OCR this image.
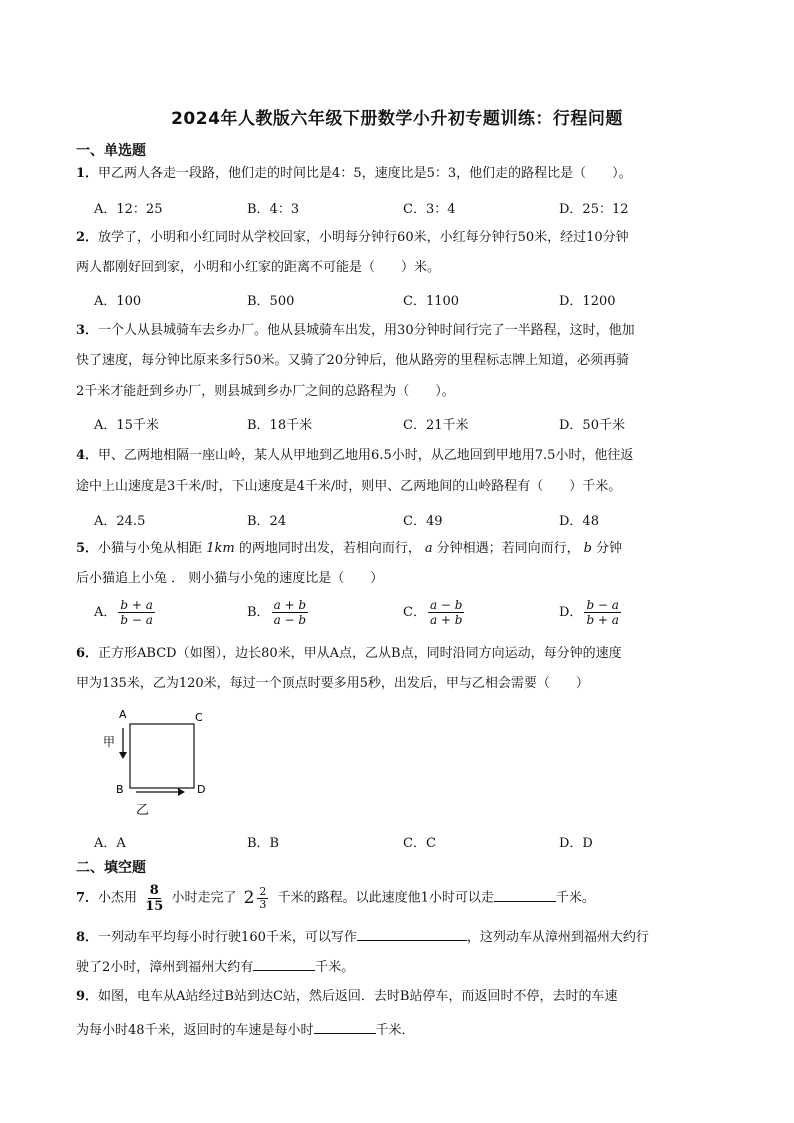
2024年人教版六年级下册数学小升初专题训练：行程问题
一、单选题
1．甲乙两人各走一段路，他们走的时间比是4：5，速度比是5：3，他们走的路程比是（　　）。
A．12：25	B．4：3	C．3：4	D．25：12
2．放学了，小明和小红同时从学校回家，小明每分钟行60米，小红每分钟行50米，经过10分钟
两人都刚好回到家，小明和小红家的距离不可能是（　　）米。
A．100	B．500	C．1100	D．1200
3．一个人从县城骑车去乡办厂。他从县城骑车出发，用30分钟时间行完了一半路程，这时，他加
快了速度，每分钟比原来多行50米。又骑了20分钟后，他从路旁的里程标志牌上知道，必须再骑
2千米才能赶到乡办厂，则县城到乡办厂之间的总路程为（　　）。
A．15千米	B．18千米	C．21千米	D．50千米
4．甲、乙两地相隔一座山岭，某人从甲地到乙地用6.5小时，从乙地回到甲地用7.5小时，他往返
途中上山速度是3千米/时，下山速度是4千米/时，则甲、乙两地间的山岭路程有（　　）千米。
A．24.5	B．24	C．49	D．48
5．小猫与小兔从相距 1km 的两地同时出发，若相向而行， a 分钟相遇；若同向而行， b 分钟
后小猫追上小兔 ． 则小猫与小兔的速度比是（　　）
A． $\frac{b + a}{b - a}$	B． $\frac{a + b}{a - b}$	C． $\frac{a - b}{a + b}$	D． $\frac{b - a}{b + a}$
6．正方形ABCD（如图），边长80米，甲从A点，乙从B点，同时沿同方向运动，每分钟的速度
甲为135米，乙为120米，每过一个顶点时要多用5秒，出发后，甲与乙相会需要（　　）
A	C
B	D
甲
乙
A．A	B．B	C．C	D．D
二、填空题
7．小杰用 $\frac{8}{15}$ 小时走完了 $2 \frac{2}{3}$ 千米的路程。以此速度他1小时可以走	千米。
8．一列动车平均每小时行驶160千米，可以写作	，这列动车从漳州到福州大约行
驶了2小时，漳州到福州大约有	千米。
9．如图，电车从A站经过B站到达C站，然后返回．去时B站停车，而返回时不停，去时的车速
为每小时48千米，返回时的车速是每小时	千米．
